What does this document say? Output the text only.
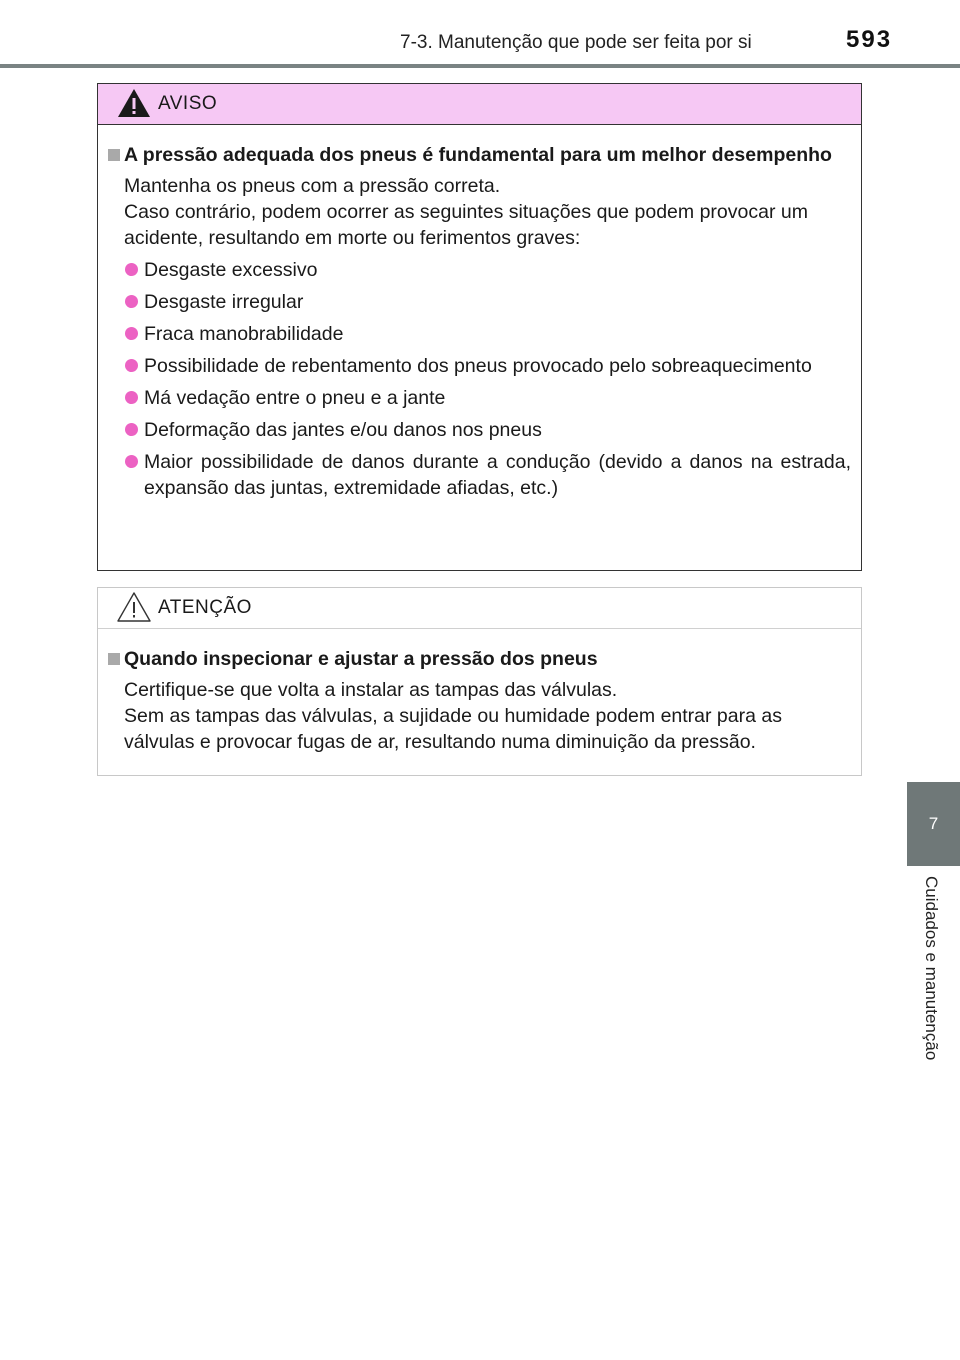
7-3. Manutenção que pode ser feita por si	593
7
Cuidados e manutenção
AVISO
A pressão adequada dos pneus é fundamental para um melhor desempenho
Mantenha os pneus com a pressão correta.
Caso contrário, podem ocorrer as seguintes situações que podem provocar um acidente, resultando em morte ou ferimentos graves:
Desgaste excessivo
Desgaste irregular
Fraca manobrabilidade
Possibilidade de rebentamento dos pneus provocado pelo sobreaquecimento
Má vedação entre o pneu e a jante
Deformação das jantes e/ou danos nos pneus
Maior possibilidade de danos durante a condução (devido a danos na estrada, expansão das juntas, extremidade afiadas, etc.)
ATENÇÃO
Quando inspecionar e ajustar a pressão dos pneus
Certifique-se que volta a instalar as tampas das válvulas.
Sem as tampas das válvulas, a sujidade ou humidade podem entrar para as válvulas e provocar fugas de ar, resultando numa diminuição da pressão.
